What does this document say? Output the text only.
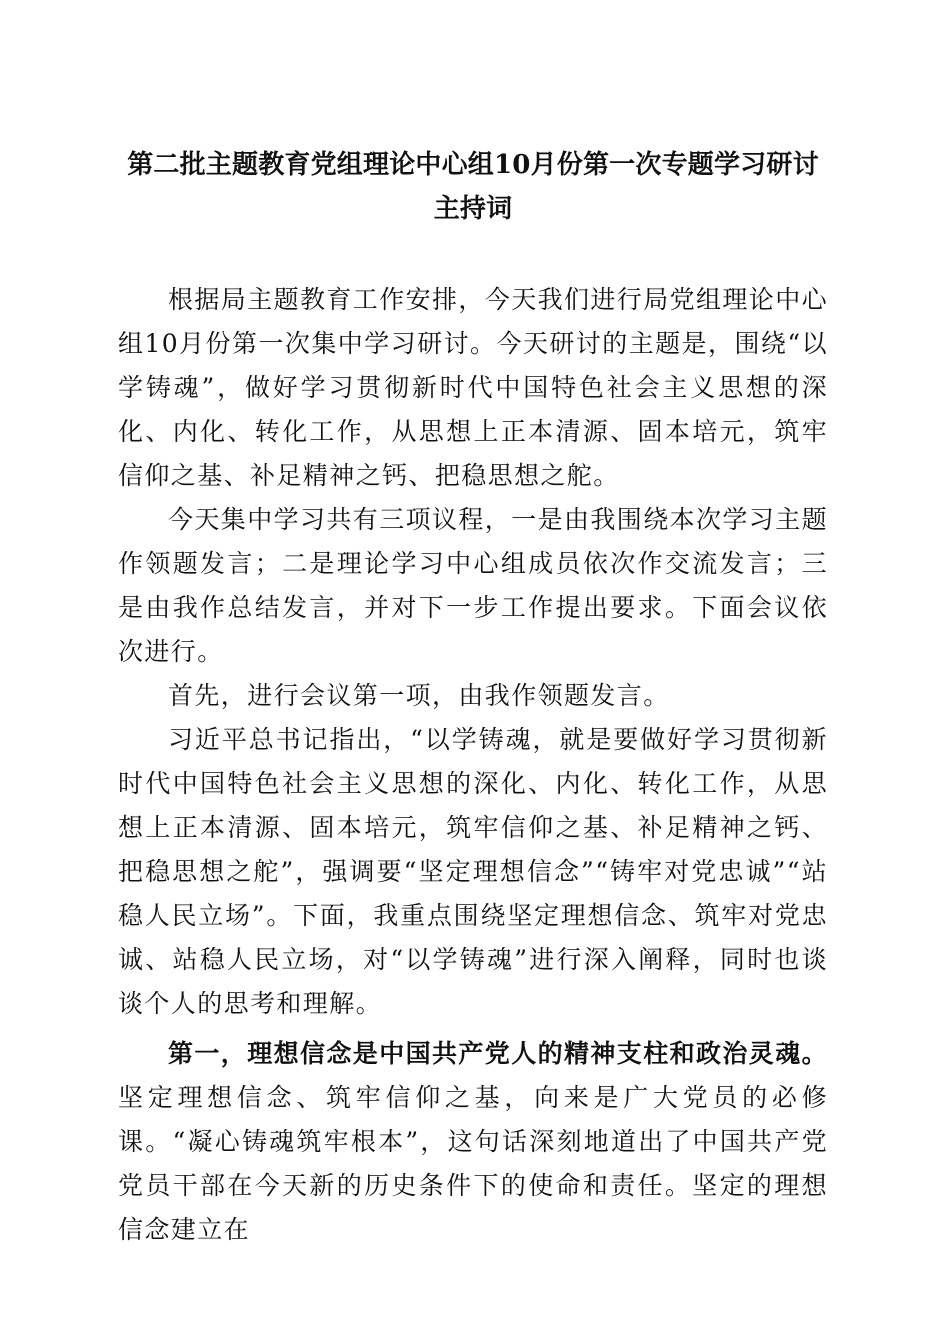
第二批主题教育党组理论中心组10月份第一次专题学习研讨主持词

根据局主题教育工作安排，今天我们进行局党组理论中心组10月份第一次集中学习研讨。今天研讨的主题是，围绕“以学铸魂”，做好学习贯彻新时代中国特色社会主义思想的深化、内化、转化工作，从思想上正本清源、固本培元，筑牢信仰之基、补足精神之钙、把稳思想之舵。

今天集中学习共有三项议程，一是由我围绕本次学习主题作领题发言；二是理论学习中心组成员依次作交流发言；三是由我作总结发言，并对下一步工作提出要求。下面会议依次进行。

首先，进行会议第一项，由我作领题发言。

习近平总书记指出，“以学铸魂，就是要做好学习贯彻新时代中国特色社会主义思想的深化、内化、转化工作，从思想上正本清源、固本培元，筑牢信仰之基、补足精神之钙、把稳思想之舵”，强调要“坚定理想信念”“铸牢对党忠诚”“站稳人民立场”。下面，我重点围绕坚定理想信念、筑牢对党忠诚、站稳人民立场，对“以学铸魂”进行深入阐释，同时也谈谈个人的思考和理解。

第一，理想信念是中国共产党人的精神支柱和政治灵魂。坚定理想信念、筑牢信仰之基，向来是广大党员的必修课。“凝心铸魂筑牢根本”，这句话深刻地道出了中国共产党党员干部在今天新的历史条件下的使命和责任。坚定的理想信念建立在
